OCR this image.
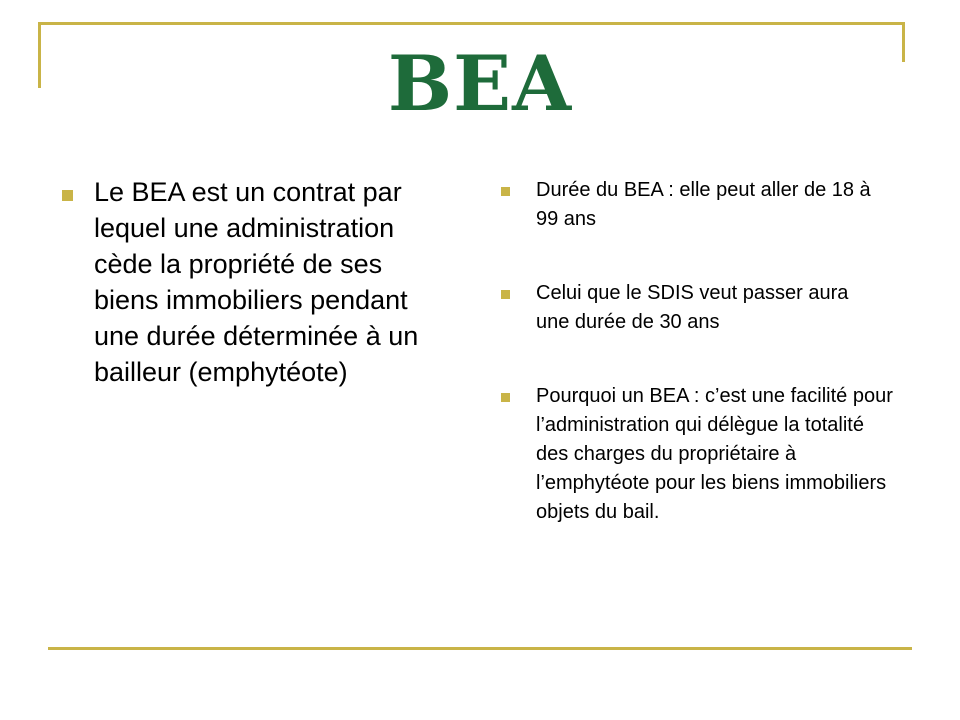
BEA
Le BEA est un contrat par lequel une administration cède la propriété de ses biens immobiliers pendant une durée déterminée à un bailleur (emphytéote)
Durée du BEA : elle peut aller de 18 à 99 ans
Celui que le SDIS veut passer aura une durée de 30 ans
Pourquoi un BEA : c’est une facilité pour l’administration qui délègue la totalité des charges du propriétaire à l’emphytéote pour les biens immobiliers objets du bail.
